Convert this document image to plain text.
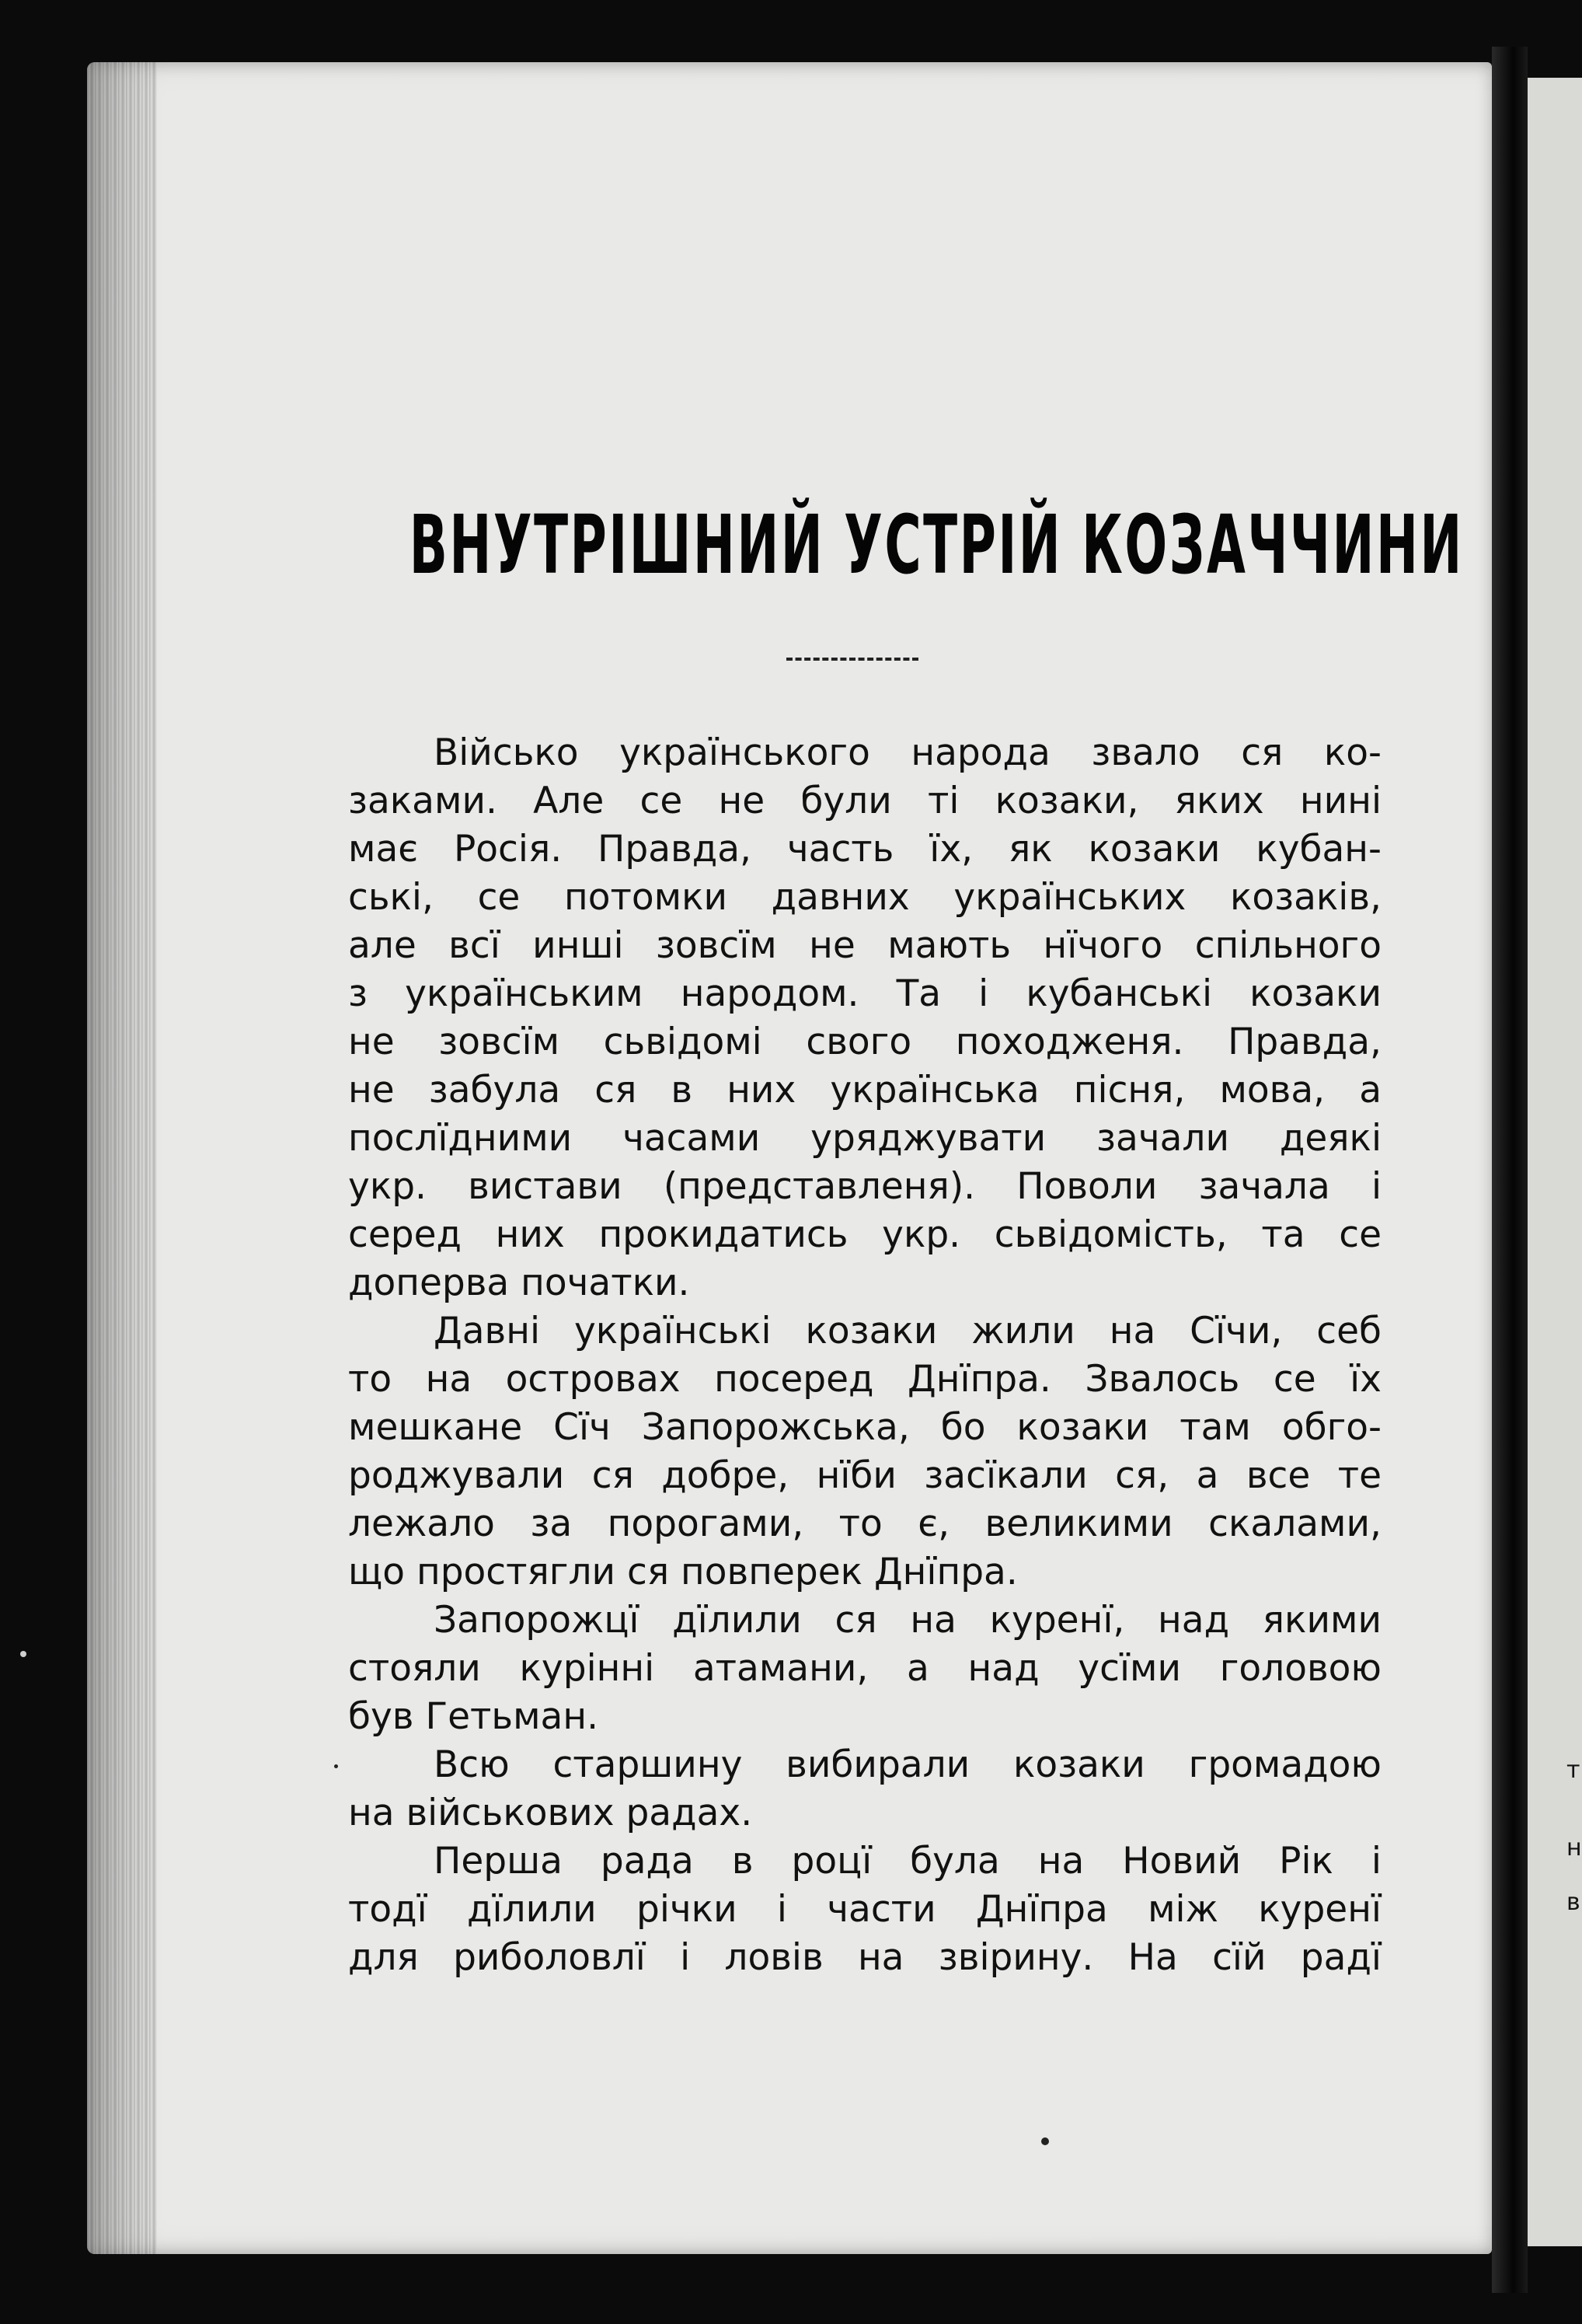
т
н
в
ВНУТРІШНИЙ УСТРІЙ КОЗАЧЧИНИ
Військо українського народа звало ся ко-
заками. Але се не були ті козаки, яких нині
має Росія. Правда, часть їх, як козаки кубан-
ські, се потомки давних українських козаків,
але всї инші зовсїм не мають нїчого спільного
з українським народом. Та і кубанські козаки
не зовсїм сьвідомі свого походженя. Правда,
не забула ся в них українська пісня, мова, а
послїдними часами уряджувати зачали деякі
укр. вистави (представленя). Поволи зачала і
серед них прокидатись укр. сьвідомість, та се
доперва початки.
Давні українські козаки жили на Сїчи, себ
то на островах посеред Днїпра. Звалось се їх
мешкане Сїч Запорожська, бо козаки там обго-
роджували ся добре, нїби засїкали ся, а все те
лежало за порогами, то є, великими скалами,
що простягли ся повперек Днїпра.
Запорожцї дїлили ся на куренї, над якими
стояли курінні атамани, а над усїми головою
був Гетьман.
Всю старшину вибирали козаки громадою
на військових радах.
Перша рада в роцї була на Новий Рік і
тодї дїлили річки і части Днїпра між куренї
для риболовлї і ловів на звірину. На сїй радї
